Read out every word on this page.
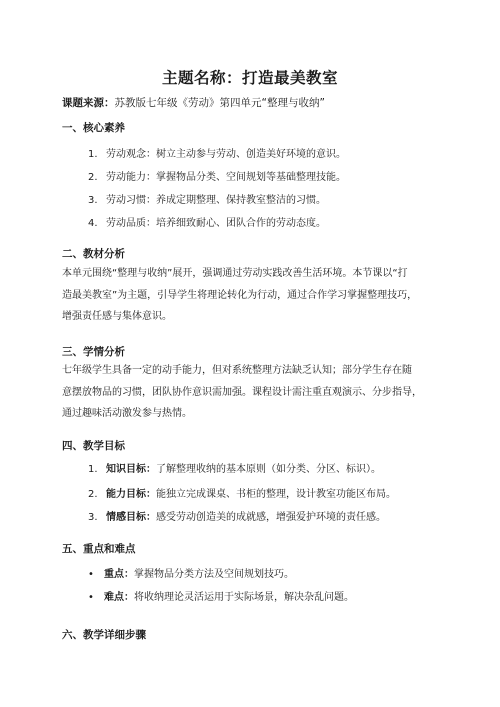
主题名称：打造最美教室
课题来源：苏教版七年级《劳动》第四单元“整理与收纳”
一、核心素养
1. 劳动观念：树立主动参与劳动、创造美好环境的意识。
2. 劳动能力：掌握物品分类、空间规划等基础整理技能。
3. 劳动习惯：养成定期整理、保持教室整洁的习惯。
4. 劳动品质：培养细致耐心、团队合作的劳动态度。
二、教材分析
本单元围绕“整理与收纳”展开，强调通过劳动实践改善生活环境。本节课以“打
造最美教室”为主题，引导学生将理论转化为行动，通过合作学习掌握整理技巧，
增强责任感与集体意识。
三、学情分析
七年级学生具备一定的动手能力，但对系统整理方法缺乏认知；部分学生存在随
意摆放物品的习惯，团队协作意识需加强。课程设计需注重直观演示、分步指导，
通过趣味活动激发参与热情。
四、教学目标
1. 知识目标：了解整理收纳的基本原则（如分类、分区、标识）。
2. 能力目标：能独立完成课桌、书柜的整理，设计教室功能区布局。
3. 情感目标：感受劳动创造美的成就感，增强爱护环境的责任感。
五、重点和难点
• 重点：掌握物品分类方法及空间规划技巧。
• 难点：将收纳理论灵活运用于实际场景，解决杂乱问题。
六、教学详细步骤
